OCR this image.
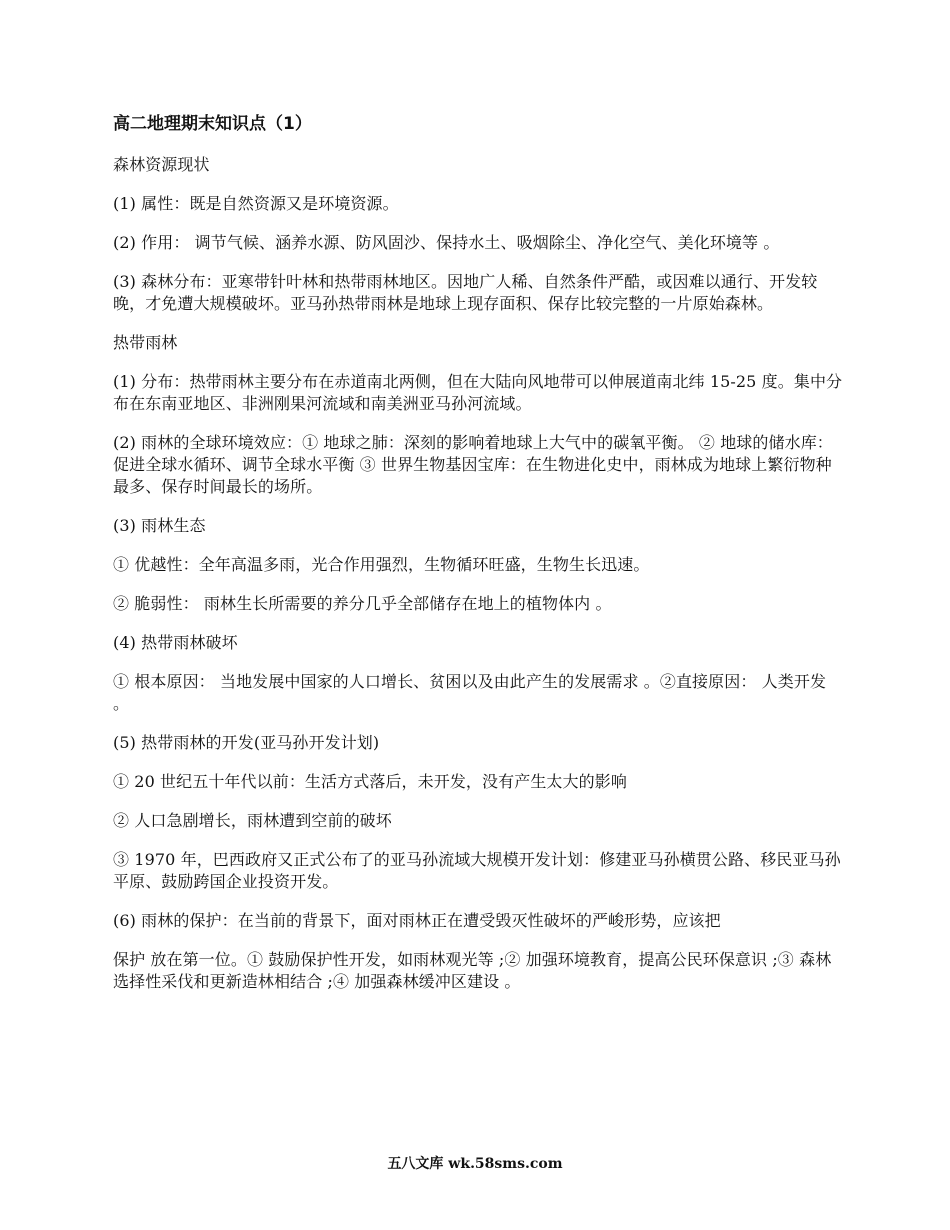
高二地理期末知识点（1）

森林资源现状

(1) 属性：既是自然资源又是环境资源。

(2) 作用： 调节气候、涵养水源、防风固沙、保持水土、吸烟除尘、净化空气、美化环境等 。

(3) 森林分布：亚寒带针叶林和热带雨林地区。因地广人稀、自然条件严酷，或因难以通行、开发较晚，才免遭大规模破坏。亚马孙热带雨林是地球上现存面积、保存比较完整的一片原始森林。

热带雨林

(1) 分布：热带雨林主要分布在赤道南北两侧，但在大陆向风地带可以伸展道南北纬 15-25 度。集中分布在东南亚地区、非洲刚果河流域和南美洲亚马孙河流域。

(2) 雨林的全球环境效应：① 地球之肺：深刻的影响着地球上大气中的碳氧平衡。 ② 地球的储水库：促进全球水循环、调节全球水平衡 ③ 世界生物基因宝库：在生物进化史中，雨林成为地球上繁衍物种最多、保存时间最长的场所。

(3) 雨林生态

① 优越性：全年高温多雨，光合作用强烈，生物循环旺盛，生物生长迅速。

② 脆弱性： 雨林生长所需要的养分几乎全部储存在地上的植物体内 。

(4) 热带雨林破坏

① 根本原因： 当地发展中国家的人口增长、贫困以及由此产生的发展需求 。②直接原因： 人类开发 。

(5) 热带雨林的开发(亚马孙开发计划)

① 20 世纪五十年代以前：生活方式落后，未开发，没有产生太大的影响

② 人口急剧增长，雨林遭到空前的破坏

③ 1970 年，巴西政府又正式公布了的亚马孙流域大规模开发计划：修建亚马孙横贯公路、移民亚马孙平原、鼓励跨国企业投资开发。

(6) 雨林的保护：在当前的背景下，面对雨林正在遭受毁灭性破坏的严峻形势，应该把

保护 放在第一位。① 鼓励保护性开发，如雨林观光等 ;② 加强环境教育，提高公民环保意识 ;③ 森林选择性采伐和更新造林相结合 ;④ 加强森林缓冲区建设 。

五八文库 wk.58sms.com
